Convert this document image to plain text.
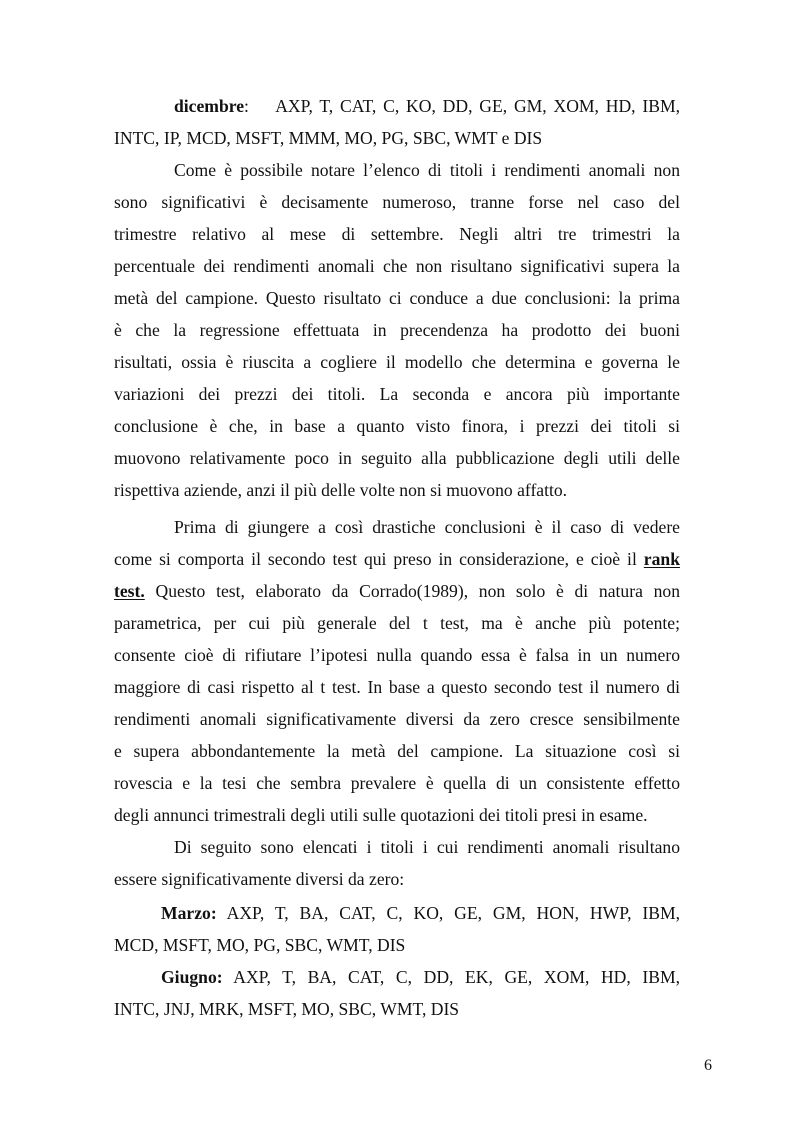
dicembre: AXP, T, CAT, C, KO, DD, GE, GM, XOM, HD, IBM,
INTC, IP, MCD, MSFT, MMM, MO, PG, SBC, WMT e DIS
Come è possibile notare l’elenco di titoli i rendimenti anomali non
sono significativi è decisamente numeroso, tranne forse nel caso del
trimestre relativo al mese di settembre. Negli altri tre trimestri la
percentuale dei rendimenti anomali che non risultano significativi supera la
metà del campione. Questo risultato ci conduce a due conclusioni: la prima
è che la regressione effettuata in precendenza ha prodotto dei buoni
risultati, ossia è riuscita a cogliere il modello che determina e governa le
variazioni dei prezzi dei titoli. La seconda e ancora più importante
conclusione è che, in base a quanto visto finora, i prezzi dei titoli si
muovono relativamente poco in seguito alla pubblicazione degli utili delle
rispettiva aziende, anzi il più delle volte non si muovono affatto.
Prima di giungere a così drastiche conclusioni è il caso di vedere
come si comporta il secondo test qui preso in considerazione, e cioè il rank
test. Questo test, elaborato da Corrado(1989), non solo è di natura non
parametrica, per cui più generale del t test, ma è anche più potente;
consente cioè di rifiutare l’ipotesi nulla quando essa è falsa in un numero
maggiore di casi rispetto al t test. In base a questo secondo test il numero di
rendimenti anomali significativamente diversi da zero cresce sensibilmente
e supera abbondantemente la metà del campione. La situazione così si
rovescia e la tesi che sembra prevalere è quella di un consistente effetto
degli annunci trimestrali degli utili sulle quotazioni dei titoli presi in esame.
Di seguito sono elencati i titoli i cui rendimenti anomali risultano
essere significativamente diversi da zero:
Marzo: AXP, T, BA, CAT, C, KO, GE, GM, HON, HWP, IBM,
MCD, MSFT, MO, PG, SBC, WMT, DIS
Giugno: AXP, T, BA, CAT, C, DD, EK, GE, XOM, HD, IBM,
INTC, JNJ, MRK, MSFT, MO, SBC, WMT, DIS
6
